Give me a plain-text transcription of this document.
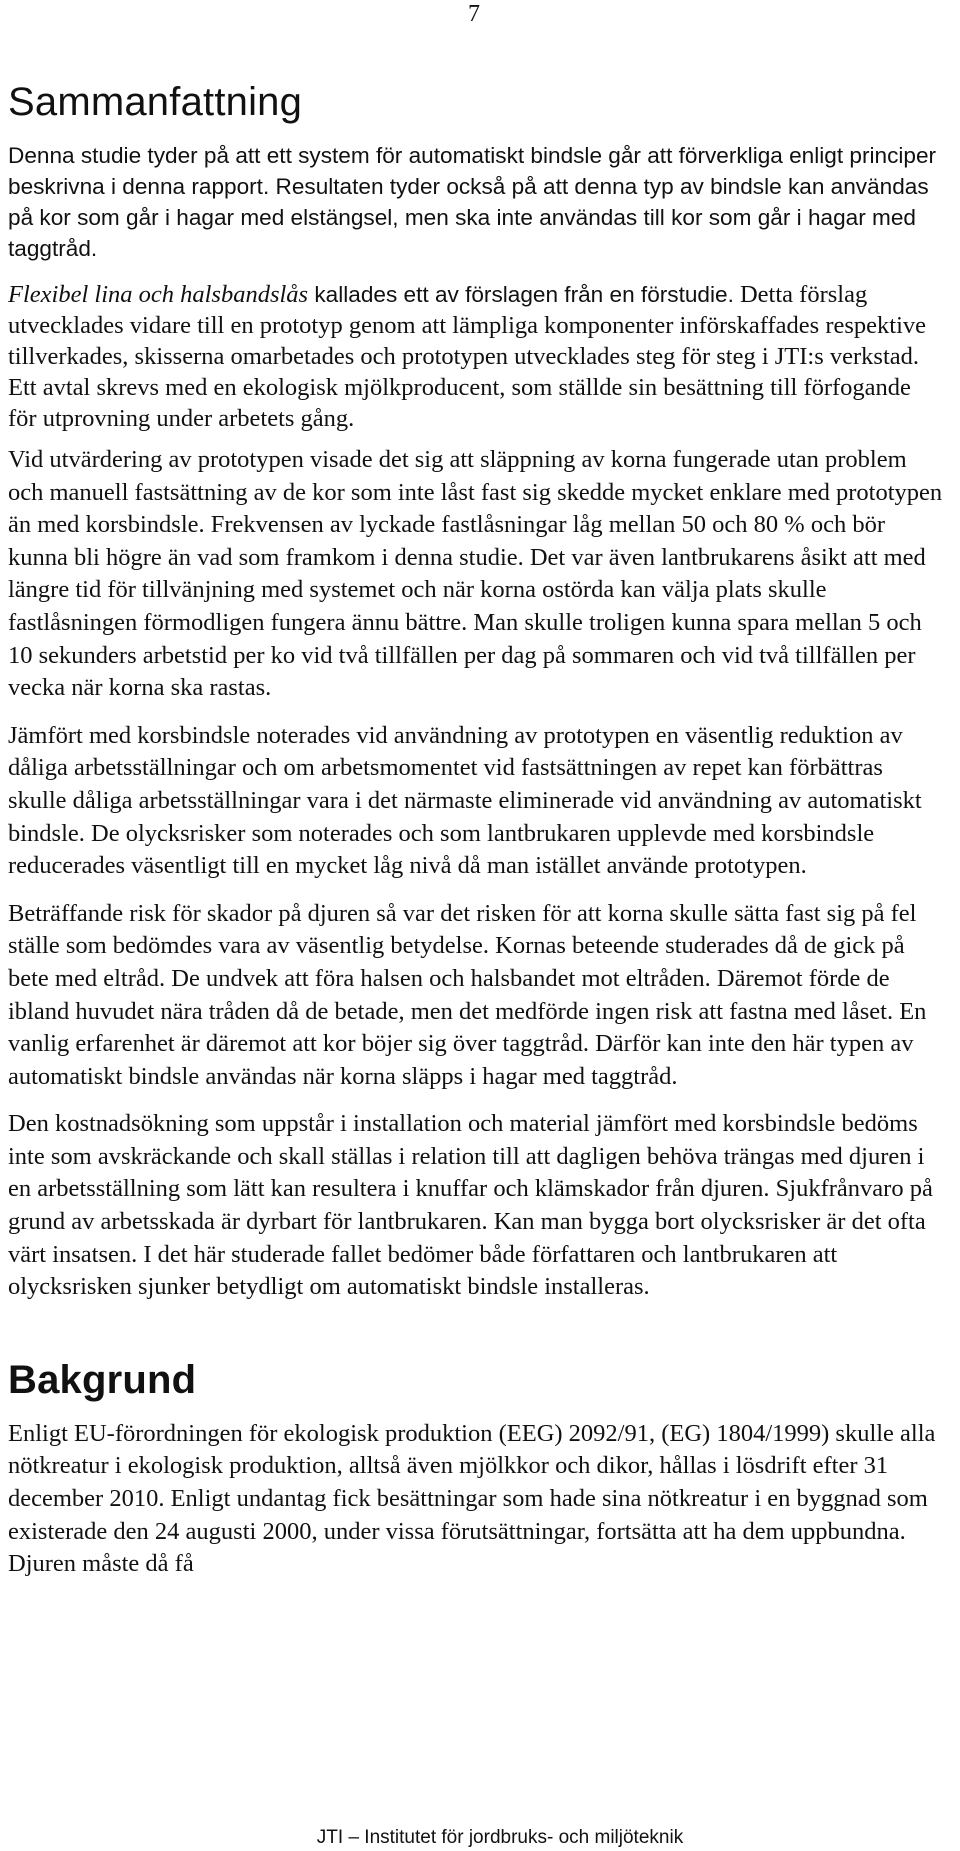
7
Sammanfattning

Denna studie tyder på att ett system för automatiskt bindsle går att förverkliga enligt principer beskrivna i denna rapport. Resultaten tyder också på att denna typ av bindsle kan användas på kor som går i hagar med elstängsel, men ska inte användas till kor som går i hagar med taggtråd.

Flexibel lina och halsbandslås kallades ett av förslagen från en förstudie. Detta förslag utvecklades vidare till en prototyp genom att lämpliga komponenter införskaffades respektive tillverkades, skisserna omarbetades och prototypen utvecklades steg för steg i JTI:s verkstad. Ett avtal skrevs med en ekologisk mjölkproducent, som ställde sin besättning till förfogande för utprovning under arbetets gång.

Vid utvärdering av prototypen visade det sig att släppning av korna fungerade utan problem och manuell fastsättning av de kor som inte låst fast sig skedde mycket enklare med prototypen än med korsbindsle. Frekvensen av lyckade fastlåsningar låg mellan 50 och 80 % och bör kunna bli högre än vad som framkom i denna studie. Det var även lantbrukarens åsikt att med längre tid för tillvänjning med systemet och när korna ostörda kan välja plats skulle fastlåsningen förmodligen fungera ännu bättre. Man skulle troligen kunna spara mellan 5 och 10 sekunders arbetstid per ko vid två tillfällen per dag på sommaren och vid två tillfällen per vecka när korna ska rastas.

Jämfört med korsbindsle noterades vid användning av prototypen en väsentlig reduktion av dåliga arbetsställningar och om arbetsmomentet vid fastsättningen av repet kan förbättras skulle dåliga arbetsställningar vara i det närmaste eliminerade vid användning av automatiskt bindsle. De olycksrisker som noterades och som lantbrukaren upplevde med korsbindsle reducerades väsentligt till en mycket låg nivå då man istället använde prototypen.

Beträffande risk för skador på djuren så var det risken för att korna skulle sätta fast sig på fel ställe som bedömdes vara av väsentlig betydelse. Kornas beteende studerades då de gick på bete med eltråd. De undvek att föra halsen och halsbandet mot eltråden. Däremot förde de ibland huvudet nära tråden då de betade, men det medförde ingen risk att fastna med låset. En vanlig erfarenhet är däremot att kor böjer sig över taggtråd. Därför kan inte den här typen av automatiskt bindsle användas när korna släpps i hagar med taggtråd.

Den kostnadsökning som uppstår i installation och material jämfört med korsbindsle bedöms inte som avskräckande och skall ställas i relation till att dagligen behöva trängas med djuren i en arbetsställning som lätt kan resultera i knuffar och klämskador från djuren. Sjukfrånvaro på grund av arbetsskada är dyrbart för lantbrukaren. Kan man bygga bort olycksrisker är det ofta värt insatsen. I det här studerade fallet bedömer både författaren och lantbrukaren att olycksrisken sjunker betydligt om automatiskt bindsle installeras.

Bakgrund

Enligt EU-förordningen för ekologisk produktion (EEG) 2092/91, (EG) 1804/1999) skulle alla nötkreatur i ekologisk produktion, alltså även mjölkkor och dikor, hållas i lösdrift efter 31 december 2010. Enligt undantag fick besättningar som hade sina nötkreatur i en byggnad som existerade den 24 augusti 2000, under vissa förutsättningar, fortsätta att ha dem uppbundna. Djuren måste då få

JTI – Institutet för jordbruks- och miljöteknik
